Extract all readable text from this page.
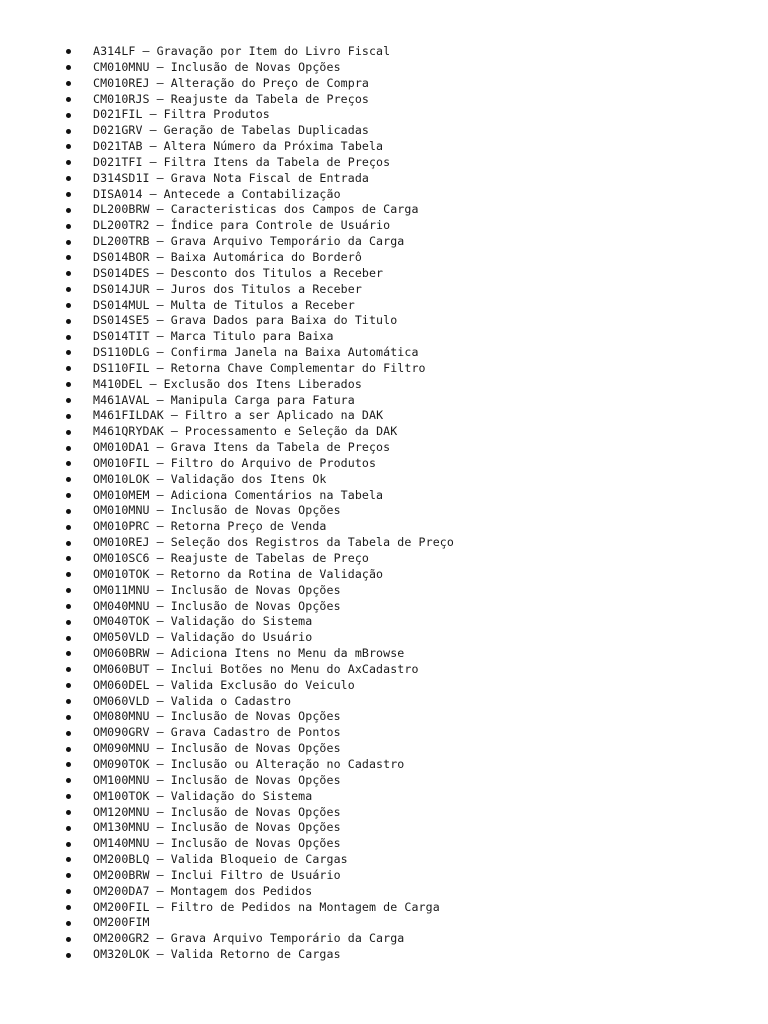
A314LF – Gravação por Item do Livro Fiscal
CM010MNU – Inclusão de Novas Opções
CM010REJ – Alteração do Preço de Compra
CM010RJS – Reajuste da Tabela de Preços
D021FIL – Filtra Produtos
D021GRV – Geração de Tabelas Duplicadas
D021TAB – Altera Número da Próxima Tabela
D021TFI – Filtra Itens da Tabela de Preços
D314SD1I – Grava Nota Fiscal de Entrada
DISA014 – Antecede a Contabilização
DL200BRW – Caracteristicas dos Campos de Carga
DL200TR2 – Índice para Controle de Usuário
DL200TRB – Grava Arquivo Temporário da Carga
DS014BOR – Baixa Automárica do Borderô
DS014DES – Desconto dos Titulos a Receber
DS014JUR – Juros dos Titulos a Receber
DS014MUL – Multa de Titulos a Receber
DS014SE5 – Grava Dados para Baixa do Titulo
DS014TIT – Marca Titulo para Baixa
DS110DLG – Confirma Janela na Baixa Automática
DS110FIL – Retorna Chave Complementar do Filtro
M410DEL – Exclusão dos Itens Liberados
M461AVAL – Manipula Carga para Fatura
M461FILDAK – Filtro a ser Aplicado na DAK
M461QRYDAK – Processamento e Seleção da DAK
OM010DA1 – Grava Itens da Tabela de Preços
OM010FIL – Filtro do Arquivo de Produtos
OM010LOK – Validação dos Itens Ok
OM010MEM – Adiciona Comentários na Tabela
OM010MNU – Inclusão de Novas Opções
OM010PRC – Retorna Preço de Venda
OM010REJ – Seleção dos Registros da Tabela de Preço
OM010SC6 – Reajuste de Tabelas de Preço
OM010TOK – Retorno da Rotina de Validação
OM011MNU – Inclusão de Novas Opções
OM040MNU – Inclusão de Novas Opções
OM040TOK – Validação do Sistema
OM050VLD – Validação do Usuário
OM060BRW – Adiciona Itens no Menu da mBrowse
OM060BUT – Inclui Botões no Menu do AxCadastro
OM060DEL – Valida Exclusão do Veiculo
OM060VLD – Valida o Cadastro
OM080MNU – Inclusão de Novas Opções
OM090GRV – Grava Cadastro de Pontos
OM090MNU – Inclusão de Novas Opções
OM090TOK – Inclusão ou Alteração no Cadastro
OM100MNU – Inclusão de Novas Opções
OM100TOK – Validação do Sistema
OM120MNU – Inclusão de Novas Opções
OM130MNU – Inclusão de Novas Opções
OM140MNU – Inclusão de Novas Opções
OM200BLQ – Valida Bloqueio de Cargas
OM200BRW – Inclui Filtro de Usuário
OM200DA7 – Montagem dos Pedidos
OM200FIL – Filtro de Pedidos na Montagem de Carga
OM200FIM
OM200GR2 – Grava Arquivo Temporário da Carga
OM320LOK – Valida Retorno de Cargas
